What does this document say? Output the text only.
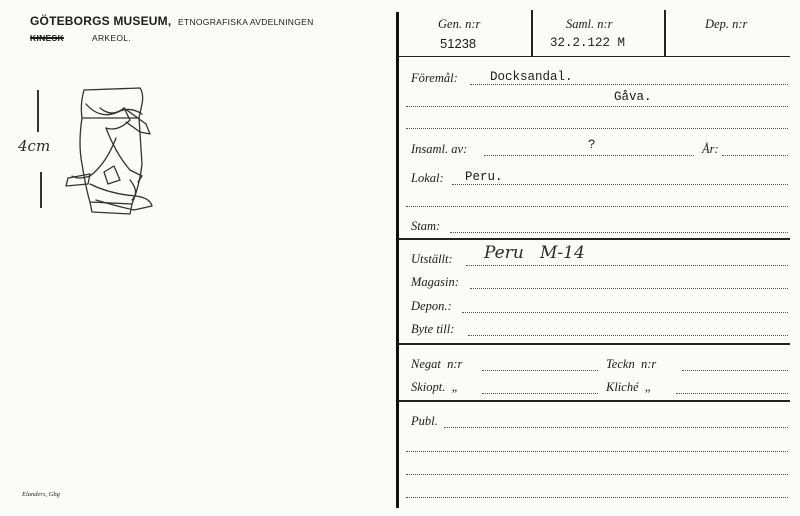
GÖTEBORGS MUSEUM, ETNOGRAFISKA AVDELNINGEN
KINESK	ARKEOL.
4cm
Elanders, Gbg
Gen. n:r
51238
Saml. n:r
32.2.122 M
Dep. n:r
Föremål:	Docksandal.
Gåva.
Insaml. av:	?	År:
Lokal: Peru.
Stam:
Utställt: Peru   M-14
Magasin:
Depon.:
Byte till:
Negat  n:r	Teckn  n:r
Skiopt.  „	Kliché  „
Publ.
